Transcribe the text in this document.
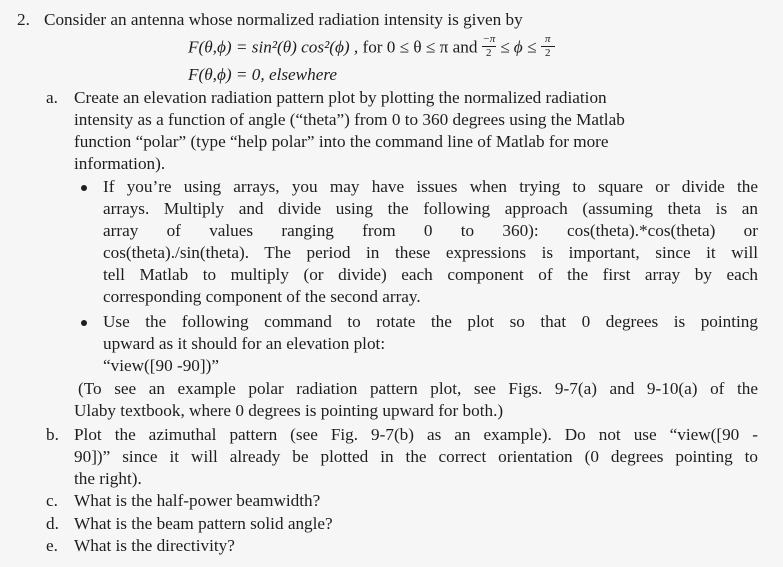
2. Consider an antenna whose normalized radiation intensity is given by
F(θ,ϕ) = sin²(θ) cos²(ϕ) , for 0 ≤ θ ≤ π and $\frac{-\pi}{2} \le \phi \le \frac{\pi}{2}$
F(θ,ϕ) = 0, elsewhere
a. Create an elevation radiation pattern plot by plotting the normalized radiation
intensity as a function of angle (“theta”) from 0 to 360 degrees using the Matlab
function “polar” (type “help polar” into the command line of Matlab for more
information).
If you’re using arrays, you may have issues when trying to square or divide the
arrays. Multiply and divide using the following approach (assuming theta is an
array of values ranging from 0 to 360): cos(theta).*cos(theta) or
cos(theta)./sin(theta). The period in these expressions is important, since it will
tell Matlab to multiply (or divide) each component of the first array by each
corresponding component of the second array.
Use the following command to rotate the plot so that 0 degrees is pointing
upward as it should for an elevation plot:
“view([90 -90])”
(To see an example polar radiation pattern plot, see Figs. 9-7(a) and 9-10(a) of the
Ulaby textbook, where 0 degrees is pointing upward for both.)
b. Plot the azimuthal pattern (see Fig. 9-7(b) as an example). Do not use “view([90 -
90])” since it will already be plotted in the correct orientation (0 degrees pointing to
the right).
c. What is the half-power beamwidth?
d. What is the beam pattern solid angle?
e. What is the directivity?
